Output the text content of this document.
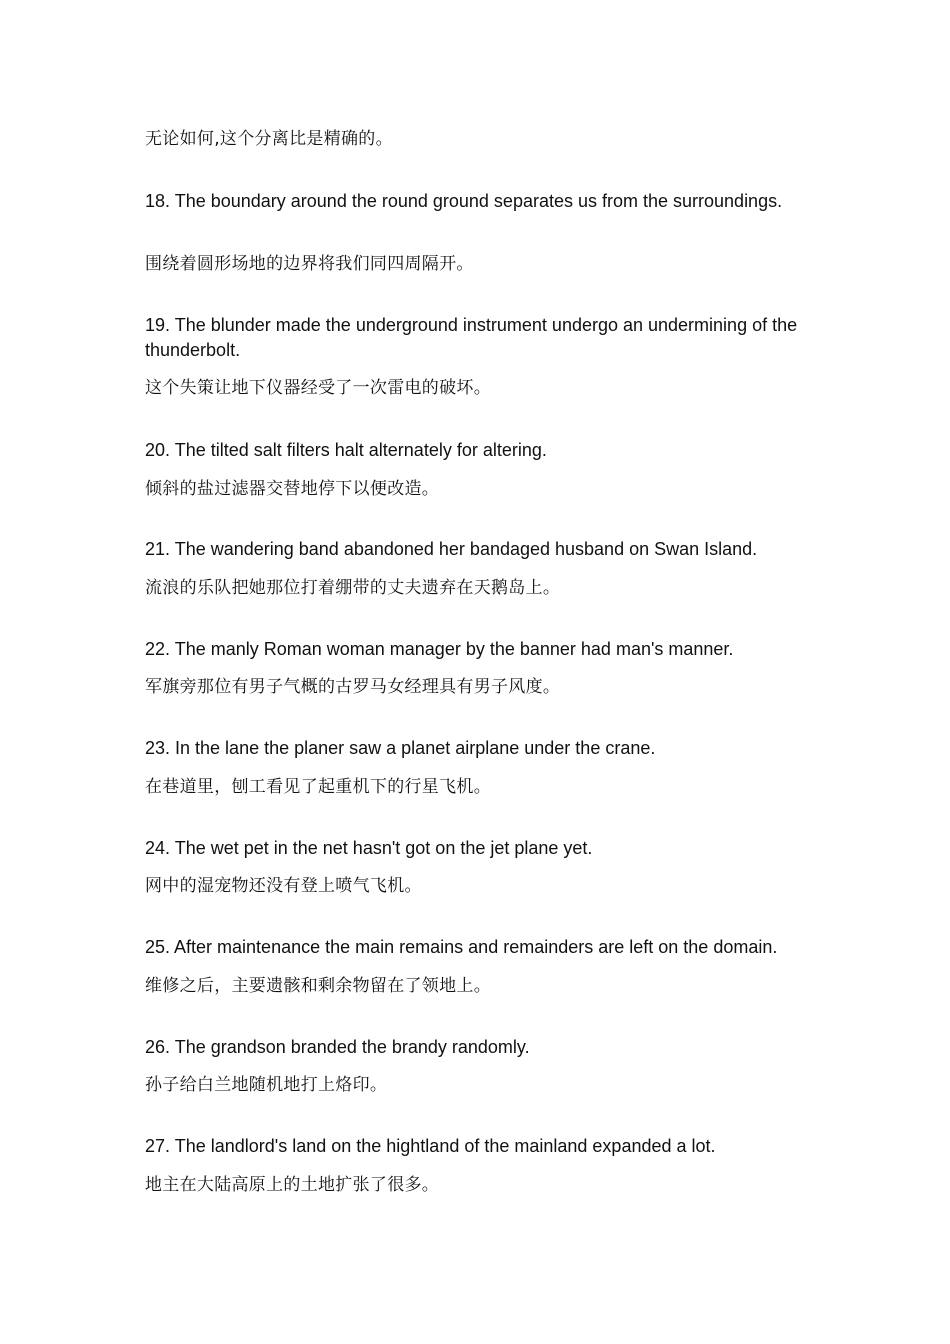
无论如何,这个分离比是精确的。
18. The boundary around the round ground separates us from the surroundings.
围绕着圆形场地的边界将我们同四周隔开。
19. The blunder made the underground instrument undergo an undermining of the thunderbolt.
这个失策让地下仪器经受了一次雷电的破坏。
20. The tilted salt filters halt alternately for altering.
倾斜的盐过滤器交替地停下以便改造。
21. The wandering band abandoned her bandaged husband on Swan Island.
流浪的乐队把她那位打着绷带的丈夫遗弃在天鹅岛上。
22. The manly Roman woman manager by the banner had man's manner.
军旗旁那位有男子气概的古罗马女经理具有男子风度。
23. In the lane the planer saw a planet airplane under the crane.
在巷道里，刨工看见了起重机下的行星飞机。
24. The wet pet in the net hasn't got on the jet plane yet.
网中的湿宠物还没有登上喷气飞机。
25. After maintenance the main remains and remainders are left on the domain.
维修之后，主要遗骸和剩余物留在了领地上。
26. The grandson branded the brandy randomly.
孙子给白兰地随机地打上烙印。
27. The landlord's land on the hightland of the mainland expanded a lot.
地主在大陆高原上的土地扩张了很多。
